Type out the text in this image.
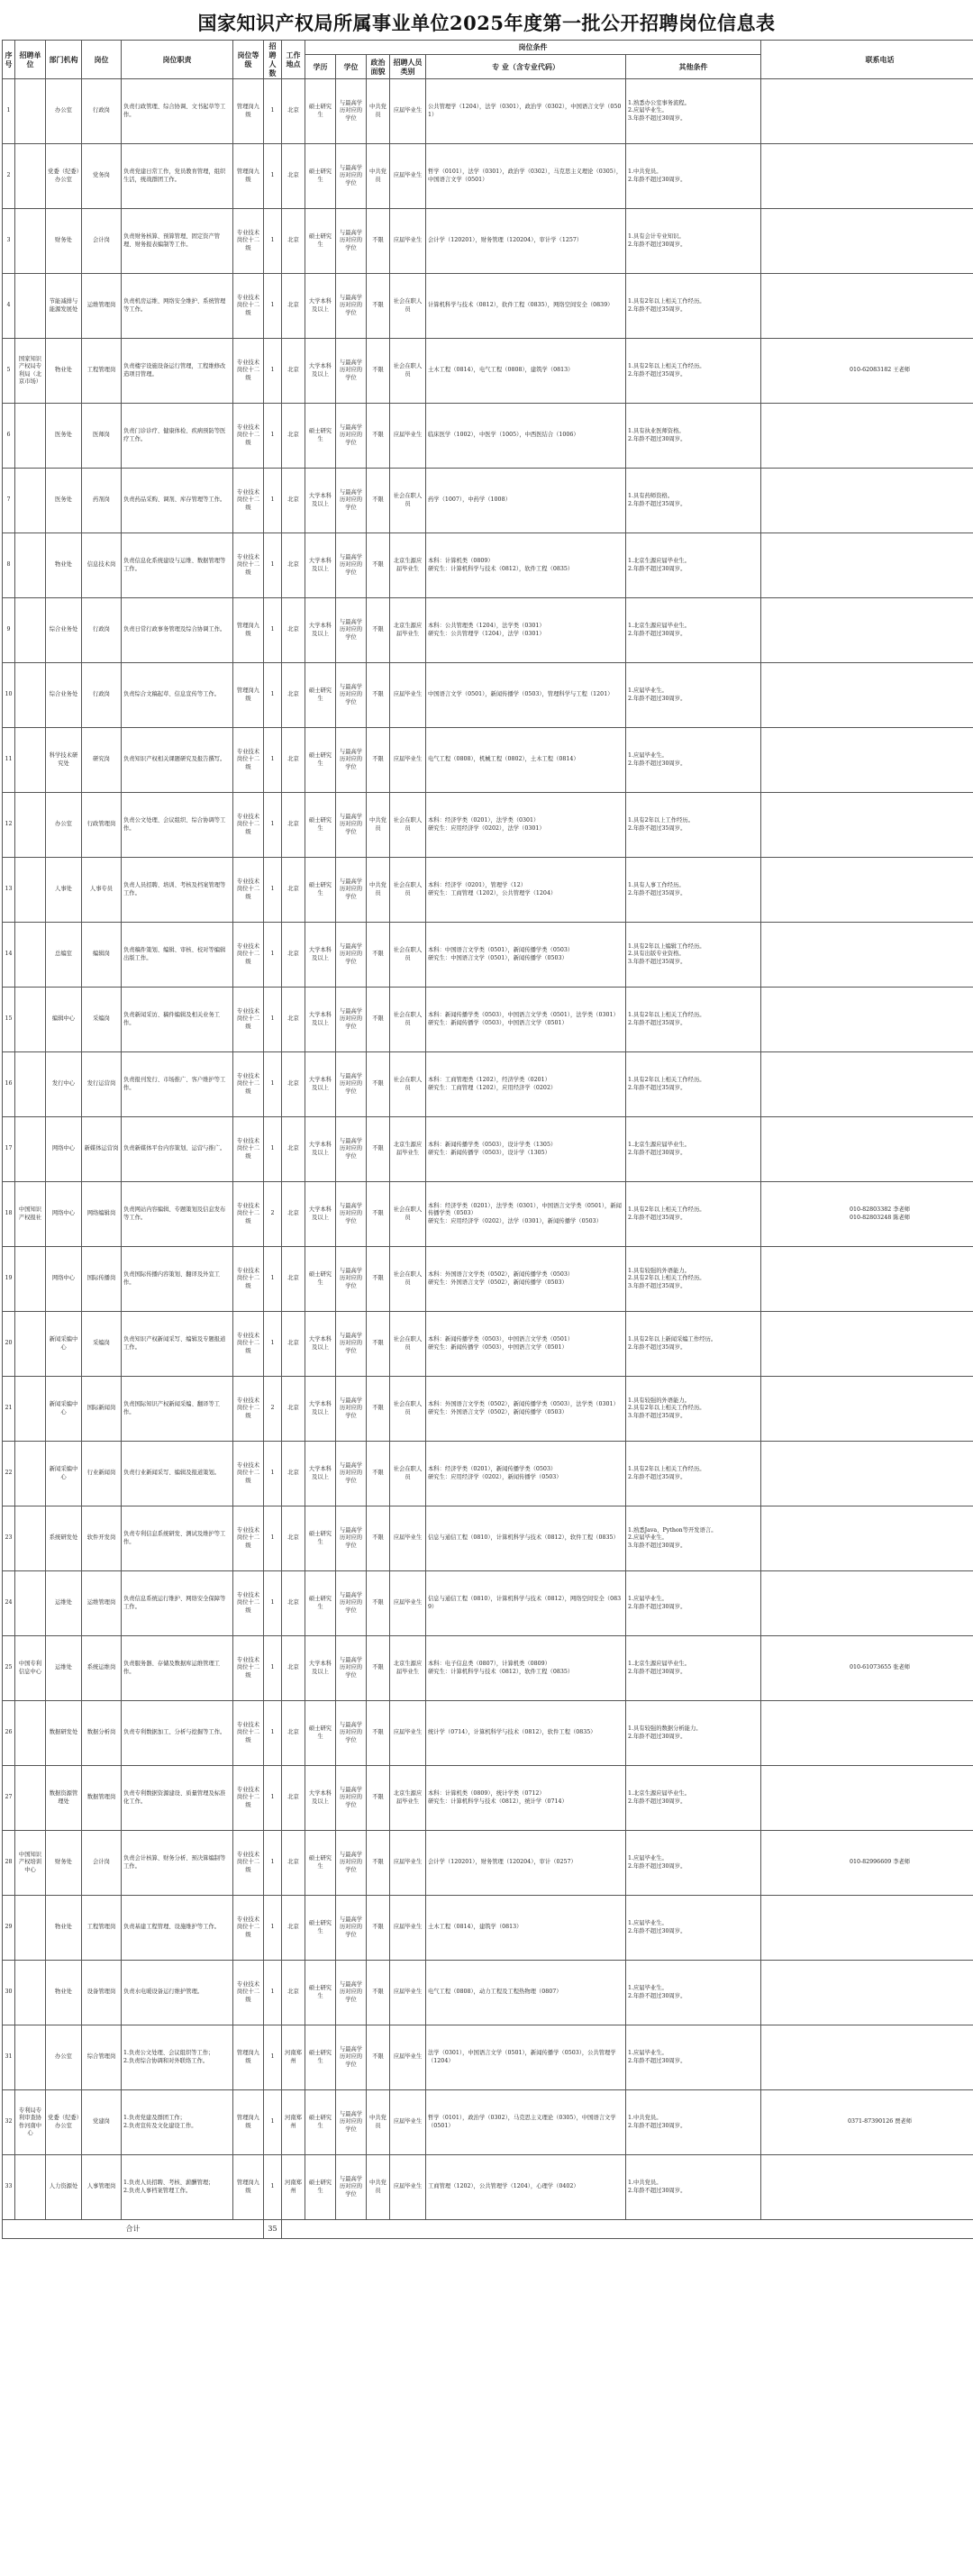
国家知识产权局所属事业单位2025年度第一批公开招聘岗位信息表
序号	招聘单位	部门机构	岗位	岗位职责	岗位等级	招聘人数	工作地点	岗位条件						联系电话
								学历	学位	政治面貌	招聘人员类别	专 业（含专业代码）	其他条件	
1		办公室	行政岗	负责行政管理、综合协调、文书起草等工作。	管理岗九级	1	北京	硕士研究生	与最高学历对应的学位	中共党员	应届毕业生	公共管理学（1204），法学（0301），政治学（0302），中国语言文学（0501）	1.熟悉办公室事务流程。
2.应届毕业生。
3.年龄不超过30周岁。	
2		党委（纪委）办公室	党务岗	负责党建日常工作，党员教育管理，组织生活，统战群团工作。	管理岗九级	1	北京	硕士研究生	与最高学历对应的学位	中共党员	应届毕业生	哲学（0101），法学（0301），政治学（0302），马克思主义理论（0305），中国语言文学（0501）	1.中共党员。
2.年龄不超过30周岁。	
3		财务处	会计岗	负责财务核算、预算管理、固定资产管理、财务报表编制等工作。	专业技术岗位十二级	1	北京	硕士研究生	与最高学历对应的学位	不限	应届毕业生	会计学（120201），财务管理（120204），审计学（1257）	1.具有会计专业知识。
2.年龄不超过30周岁。	
4		节能减排与能源发展处	运维管理岗	负责机房运维、网络安全维护、系统管理等工作。	专业技术岗位十二级	1	北京	大学本科及以上	与最高学历对应的学位	不限	社会在职人员	计算机科学与技术（0812），软件工程（0835），网络空间安全（0839）	1.具有2年以上相关工作经历。
2.年龄不超过35周岁。	
5	国家知识产权局专利局（北京市场）	物业处	工程管理岗	负责楼宇设施设备运行管理，工程维修改造项目管理。	专业技术岗位十二级	1	北京	大学本科及以上	与最高学历对应的学位	不限	社会在职人员	土木工程（0814），电气工程（0808），建筑学（0813）	1.具有2年以上相关工作经历。
2.年龄不超过35周岁。	010-62083182 王老师
6		医务处	医师岗	负责门诊诊疗、健康体检、疾病预防等医疗工作。	专业技术岗位十二级	1	北京	硕士研究生	与最高学历对应的学位	不限	应届毕业生	临床医学（1002），中医学（1005），中西医结合（1006）	1.具有执业医师资格。
2.年龄不超过30周岁。	
7		医务处	药剂岗	负责药品采购、调剂、库存管理等工作。	专业技术岗位十二级	1	北京	大学本科及以上	与最高学历对应的学位	不限	社会在职人员	药学（1007），中药学（1008）	1.具有药师资格。
2.年龄不超过35周岁。	
8		物业处	信息技术岗	负责信息化系统建设与运维、数据管理等工作。	专业技术岗位十二级	1	北京	大学本科及以上	与最高学历对应的学位	不限	北京生源应届毕业生	本科：计算机类（0809）
研究生：计算机科学与技术（0812），软件工程（0835）	1.北京生源应届毕业生。
2.年龄不超过30周岁。	
9		综合业务处	行政岗	负责日常行政事务管理及综合协调工作。	管理岗九级	1	北京	大学本科及以上	与最高学历对应的学位	不限	北京生源应届毕业生	本科：公共管理类（1204），法学类（0301）
研究生：公共管理学（1204），法学（0301）	1.北京生源应届毕业生。
2.年龄不超过30周岁。	
10		综合业务处	行政岗	负责综合文稿起草、信息宣传等工作。	管理岗九级	1	北京	硕士研究生	与最高学历对应的学位	不限	应届毕业生	中国语言文学（0501），新闻传播学（0503），管理科学与工程（1201）	1.应届毕业生。
2.年龄不超过30周岁。	
11		科学技术研究处	研究岗	负责知识产权相关课题研究及报告撰写。	专业技术岗位十二级	1	北京	硕士研究生	与最高学历对应的学位	不限	应届毕业生	电气工程（0808），机械工程（0802），土木工程（0814）	1.应届毕业生。
2.年龄不超过30周岁。	
12		办公室	行政管理岗	负责公文处理、会议组织、综合协调等工作。	专业技术岗位十二级	1	北京	硕士研究生	与最高学历对应的学位	中共党员	社会在职人员	本科：经济学类（0201），法学类（0301）
研究生：应用经济学（0202），法学（0301）	1.具有2年以上工作经历。
2.年龄不超过35周岁。	
13		人事处	人事专员	负责人员招聘、培训、考核及档案管理等工作。	专业技术岗位十二级	1	北京	硕士研究生	与最高学历对应的学位	中共党员	社会在职人员	本科：经济学（0201），管理学（12）
研究生：工商管理（1202），公共管理学（1204）	1.具有人事工作经历。
2.年龄不超过35周岁。	
14		总编室	编辑岗	负责稿件策划、编辑、审核、校对等编辑出版工作。	专业技术岗位十二级	1	北京	大学本科及以上	与最高学历对应的学位	不限	社会在职人员	本科：中国语言文学类（0501），新闻传播学类（0503）
研究生：中国语言文学（0501），新闻传播学（0503）	1.具有2年以上编辑工作经历。
2.具有出版专业资格。
3.年龄不超过35周岁。	
15		编辑中心	采编岗	负责新闻采访、稿件编辑及相关业务工作。	专业技术岗位十二级	1	北京	大学本科及以上	与最高学历对应的学位	不限	社会在职人员	本科：新闻传播学类（0503），中国语言文学类（0501），法学类（0301）
研究生：新闻传播学（0503），中国语言文学（0501）	1.具有2年以上相关工作经历。
2.年龄不超过35周岁。	
16		发行中心	发行运营岗	负责报刊发行、市场推广、客户维护等工作。	专业技术岗位十二级	1	北京	大学本科及以上	与最高学历对应的学位	不限	社会在职人员	本科：工商管理类（1202），经济学类（0201）
研究生：工商管理（1202），应用经济学（0202）	1.具有2年以上相关工作经历。
2.年龄不超过35周岁。	
17		网络中心	新媒体运营岗	负责新媒体平台内容策划、运营与推广。	专业技术岗位十二级	1	北京	大学本科及以上	与最高学历对应的学位	不限	北京生源应届毕业生	本科：新闻传播学类（0503），设计学类（1305）
研究生：新闻传播学（0503），设计学（1305）	1.北京生源应届毕业生。
2.年龄不超过30周岁。	
18	中国知识产权报社	网络中心	网络编辑岗	负责网站内容编辑、专题策划及信息发布等工作。	专业技术岗位十二级	2	北京	大学本科及以上	与最高学历对应的学位	不限	社会在职人员	本科：经济学类（0201），法学类（0301），中国语言文学类（0501），新闻传播学类（0503）
研究生：应用经济学（0202），法学（0301），新闻传播学（0503）	1.具有2年以上相关工作经历。
2.年龄不超过35周岁。	010-82803382 李老师
010-82803248 陈老师
19		网络中心	国际传播岗	负责国际传播内容策划、翻译及外宣工作。	专业技术岗位十二级	1	北京	硕士研究生	与最高学历对应的学位	不限	社会在职人员	本科：外国语言文学类（0502），新闻传播学类（0503）
研究生：外国语言文学（0502），新闻传播学（0503）	1.具有较强的外语能力。
2.具有2年以上相关工作经历。
3.年龄不超过35周岁。	
20		新闻采编中心	采编岗	负责知识产权新闻采写、编辑及专题报道工作。	专业技术岗位十二级	1	北京	大学本科及以上	与最高学历对应的学位	不限	社会在职人员	本科：新闻传播学类（0503），中国语言文学类（0501）
研究生：新闻传播学（0503），中国语言文学（0501）	1.具有2年以上新闻采编工作经历。
2.年龄不超过35周岁。	
21		新闻采编中心	国际新闻岗	负责国际知识产权新闻采编、翻译等工作。	专业技术岗位十二级	2	北京	大学本科及以上	与最高学历对应的学位	不限	社会在职人员	本科：外国语言文学类（0502），新闻传播学类（0503），法学类（0301）
研究生：外国语言文学（0502），新闻传播学（0503）	1.具有较强的外语能力。
2.具有2年以上相关工作经历。
3.年龄不超过35周岁。	
22		新闻采编中心	行业新闻岗	负责行业新闻采写、编辑及报道策划。	专业技术岗位十二级	1	北京	大学本科及以上	与最高学历对应的学位	不限	社会在职人员	本科：经济学类（0201），新闻传播学类（0503）
研究生：应用经济学（0202），新闻传播学（0503）	1.具有2年以上相关工作经历。
2.年龄不超过35周岁。	
23		系统研发处	软件开发岗	负责专利信息系统研发、测试及维护等工作。	专业技术岗位十二级	1	北京	硕士研究生	与最高学历对应的学位	不限	应届毕业生	信息与通信工程（0810），计算机科学与技术（0812），软件工程（0835）	1.熟悉Java、Python等开发语言。
2.应届毕业生。
3.年龄不超过30周岁。	
24		运维处	运维管理岗	负责信息系统运行维护、网络安全保障等工作。	专业技术岗位十二级	1	北京	硕士研究生	与最高学历对应的学位	不限	应届毕业生	信息与通信工程（0810），计算机科学与技术（0812），网络空间安全（0839）	1.应届毕业生。
2.年龄不超过30周岁。	
25	中国专利信息中心	运维处	系统运维岗	负责服务器、存储及数据库运维管理工作。	专业技术岗位十二级	1	北京	大学本科及以上	与最高学历对应的学位	不限	北京生源应届毕业生	本科：电子信息类（0807），计算机类（0809）
研究生：计算机科学与技术（0812），软件工程（0835）	1.北京生源应届毕业生。
2.年龄不超过30周岁。	010-61073655 张老师
26		数据研发处	数据分析岗	负责专利数据加工、分析与挖掘等工作。	专业技术岗位十二级	1	北京	硕士研究生	与最高学历对应的学位	不限	应届毕业生	统计学（0714），计算机科学与技术（0812），软件工程（0835）	1.具有较强的数据分析能力。
2.年龄不超过30周岁。	
27		数据资源管理处	数据管理岗	负责专利数据资源建设、质量管理及标准化工作。	专业技术岗位十二级	1	北京	大学本科及以上	与最高学历对应的学位	不限	北京生源应届毕业生	本科：计算机类（0809），统计学类（0712）
研究生：计算机科学与技术（0812），统计学（0714）	1.北京生源应届毕业生。
2.年龄不超过30周岁。	
28	中国知识产权培训中心	财务处	会计岗	负责会计核算、财务分析、预决算编制等工作。	专业技术岗位十二级	1	北京	硕士研究生	与最高学历对应的学位	不限	应届毕业生	会计学（120201），财务管理（120204），审计（0257）	1.应届毕业生。
2.年龄不超过30周岁。	010-82996609 李老师
29		物业处	工程管理岗	负责基建工程管理、设施维护等工作。	专业技术岗位十二级	1	北京	硕士研究生	与最高学历对应的学位	不限	应届毕业生	土木工程（0814），建筑学（0813）	1.应届毕业生。
2.年龄不超过30周岁。	
30		物业处	设备管理岗	负责水电暖设备运行维护管理。	专业技术岗位十二级	1	北京	硕士研究生	与最高学历对应的学位	不限	应届毕业生	电气工程（0808），动力工程及工程热物理（0807）	1.应届毕业生。
2.年龄不超过30周岁。	
31		办公室	综合管理岗	1.负责公文处理、会议组织等工作；
2.负责综合协调和对外联络工作。	管理岗九级	1	河南郑州	硕士研究生	与最高学历对应的学位	不限	应届毕业生	法学（0301），中国语言文学（0501），新闻传播学（0503），公共管理学（1204）	1.应届毕业生。
2.年龄不超过30周岁。	
32	专利局专利审查协作河南中心	党委（纪委）办公室	党建岗	1.负责党建及群团工作；
2.负责宣传及文化建设工作。	管理岗九级	1	河南郑州	硕士研究生	与最高学历对应的学位	中共党员	应届毕业生	哲学（0101），政治学（0302），马克思主义理论（0305），中国语言文学（0501）	1.中共党员。
2.年龄不超过30周岁。	0371-87390126 贾老师
33		人力资源处	人事管理岗	1.负责人员招聘、考核、薪酬管理；
2.负责人事档案管理工作。	管理岗九级	1	河南郑州	硕士研究生	与最高学历对应的学位	中共党员	应届毕业生	工商管理（1202），公共管理学（1204），心理学（0402）	1.中共党员。
2.年龄不超过30周岁。	
合计						35								
